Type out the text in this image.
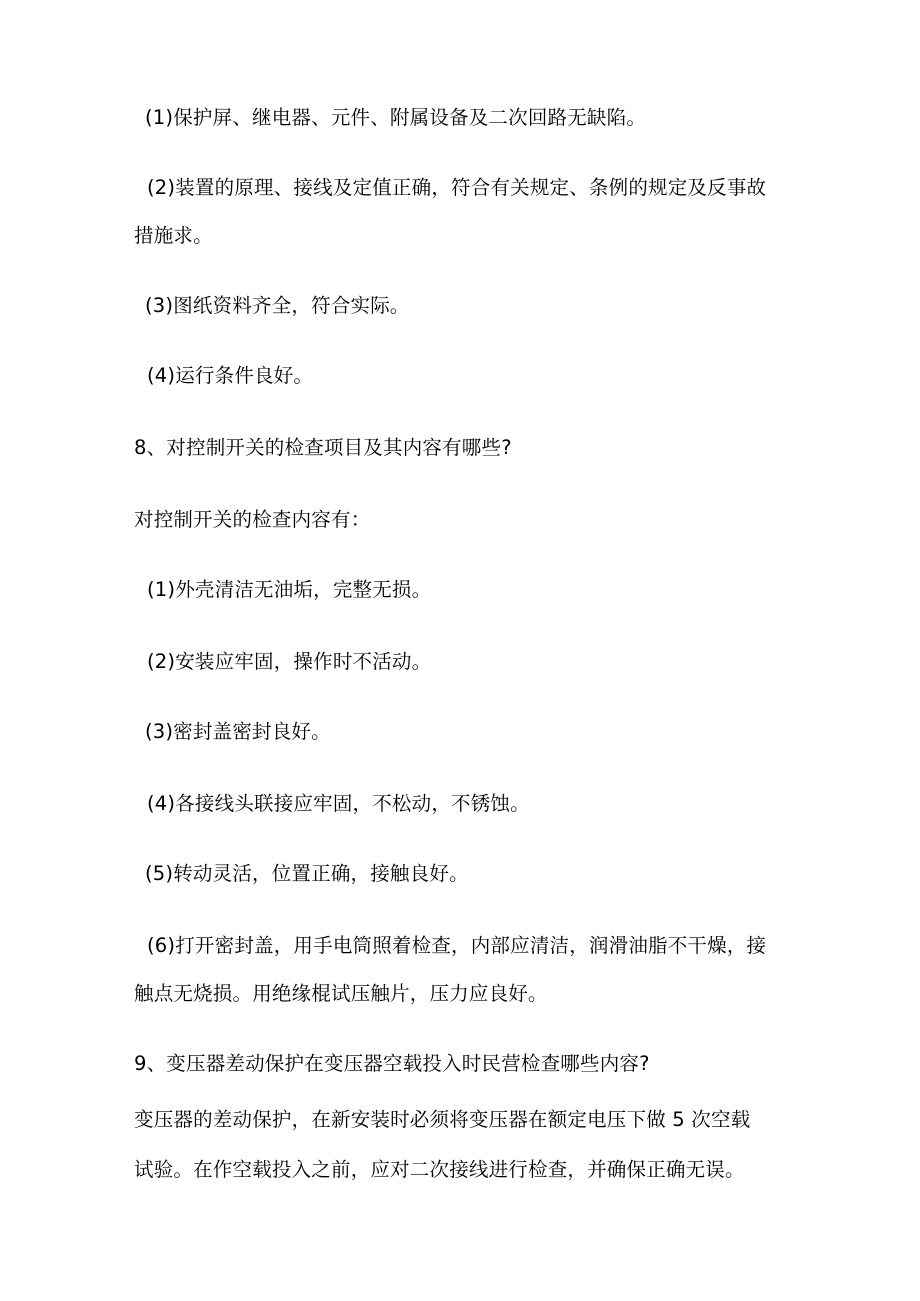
(1)保护屏、继电器、元件、附属设备及二次回路无缺陷。
(2)装置的原理、接线及定值正确，符合有关规定、条例的规定及反事故
措施求。
(3)图纸资料齐全，符合实际。
(4)运行条件良好。
8、对控制开关的检查项目及其内容有哪些?
对控制开关的检查内容有：
(1)外壳清洁无油垢，完整无损。
(2)安装应牢固，操作时不活动。
(3)密封盖密封良好。
(4)各接线头联接应牢固，不松动，不锈蚀。
(5)转动灵活，位置正确，接触良好。
(6)打开密封盖，用手电筒照着检查，内部应清洁，润滑油脂不干燥，接
触点无烧损。用绝缘棍试压触片，压力应良好。
9、变压器差动保护在变压器空载投入时民营检查哪些内容?
变压器的差动保护，在新安装时必须将变压器在额定电压下做 5 次空载
试验。在作空载投入之前，应对二次接线进行检查，并确保正确无误。
